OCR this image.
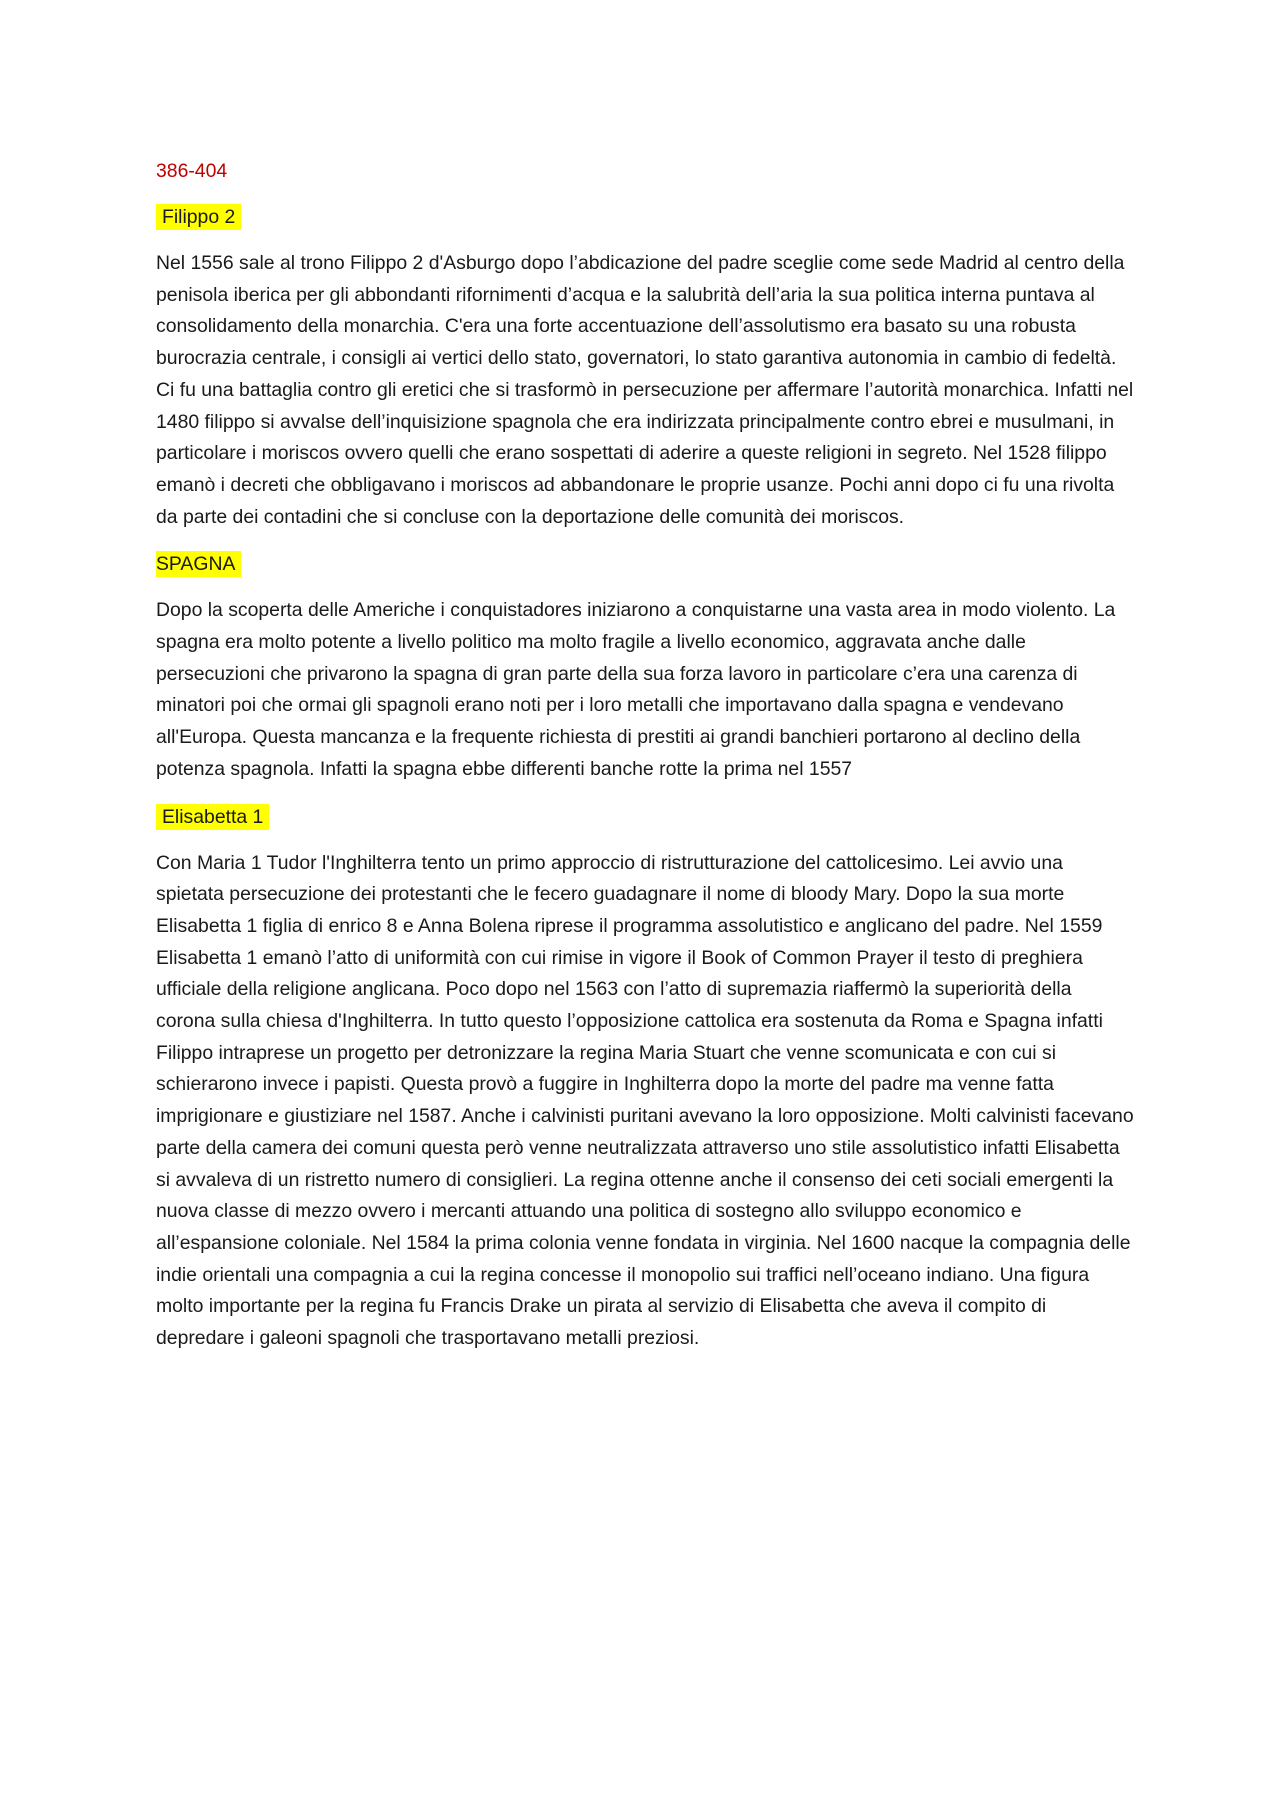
386-404

Filippo 2

Nel 1556 sale al trono Filippo 2 d'Asburgo dopo l’abdicazione del padre sceglie come sede Madrid al centro della penisola iberica per gli abbondanti rifornimenti d’acqua e la salubrità dell’aria la sua politica interna puntava al consolidamento della monarchia. C'era una forte accentuazione dell’assolutismo era basato su una robusta burocrazia centrale, i consigli ai vertici dello stato, governatori, lo stato garantiva autonomia in cambio di fedeltà. Ci fu una battaglia contro gli eretici che si trasformò in persecuzione per affermare l’autorità monarchica. Infatti nel 1480 filippo si avvalse dell’inquisizione spagnola che era indirizzata principalmente contro ebrei e musulmani, in particolare i moriscos ovvero quelli che erano sospettati di aderire a queste religioni in segreto. Nel 1528 filippo emanò i decreti che obbligavano i moriscos ad abbandonare le proprie usanze. Pochi anni dopo ci fu una rivolta da parte dei contadini che si concluse con la deportazione delle comunità dei moriscos.

SPAGNA

Dopo la scoperta delle Americhe i conquistadores iniziarono a conquistarne una vasta area in modo violento. La spagna era molto potente a livello politico ma molto fragile a livello economico, aggravata anche dalle persecuzioni che privarono la spagna di gran parte della sua forza lavoro in particolare c’era una carenza di minatori poi che ormai gli spagnoli erano noti per i loro metalli che importavano dalla spagna e vendevano all'Europa. Questa mancanza e la frequente richiesta di prestiti ai grandi banchieri portarono al declino della potenza spagnola. Infatti la spagna ebbe differenti banche rotte la prima nel 1557

Elisabetta 1

Con Maria 1 Tudor l'Inghilterra tento un primo approccio di ristrutturazione del cattolicesimo. Lei avvio una spietata persecuzione dei protestanti che le fecero guadagnare il nome di bloody Mary. Dopo la sua morte Elisabetta 1 figlia di enrico 8 e Anna Bolena riprese il programma assolutistico e anglicano del padre. Nel 1559 Elisabetta 1 emanò l’atto di uniformità con cui rimise in vigore il Book of Common Prayer il testo di preghiera ufficiale della religione anglicana. Poco dopo nel 1563 con l’atto di supremazia riaffermò la superiorità della corona sulla chiesa d'Inghilterra. In tutto questo l’opposizione cattolica era sostenuta da Roma e Spagna infatti Filippo intraprese un progetto per detronizzare la regina Maria Stuart che venne scomunicata e con cui si schierarono invece i papisti. Questa provò a fuggire in Inghilterra dopo la morte del padre ma venne fatta imprigionare e giustiziare nel 1587. Anche i calvinisti puritani avevano la loro opposizione. Molti calvinisti facevano parte della camera dei comuni questa però venne neutralizzata attraverso uno stile assolutistico infatti Elisabetta si avvaleva di un ristretto numero di consiglieri. La regina ottenne anche il consenso dei ceti sociali emergenti la nuova classe di mezzo ovvero i mercanti attuando una politica di sostegno allo sviluppo economico e all’espansione coloniale. Nel 1584 la prima colonia venne fondata in virginia. Nel 1600 nacque la compagnia delle indie orientali una compagnia a cui la regina concesse il monopolio sui traffici nell’oceano indiano. Una figura molto importante per la regina fu Francis Drake un pirata al servizio di Elisabetta che aveva il compito di depredare i galeoni spagnoli che trasportavano metalli preziosi.
